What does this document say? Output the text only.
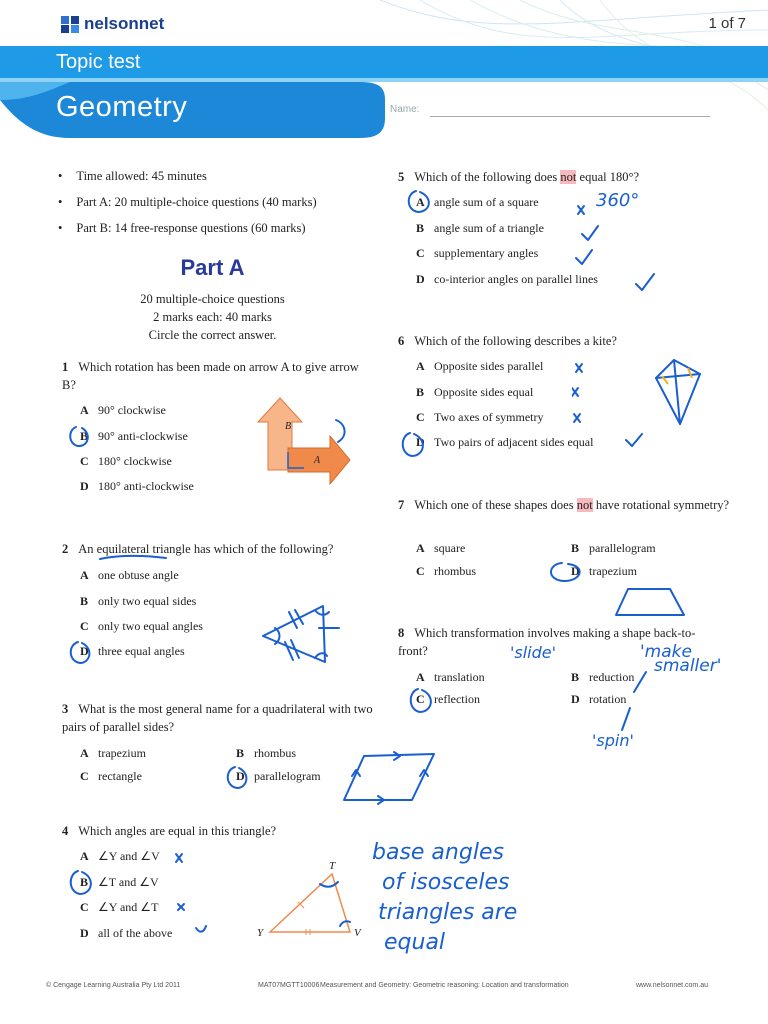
nelsonnet	1 of 7
Topic test
Geometry	Name:
• Time allowed: 45 minutes
• Part A: 20 multiple-choice questions (40 marks)
• Part B: 14 free-response questions (60 marks)
Part A
20 multiple-choice questions
2 marks each: 40 marks
Circle the correct answer.
1 Which rotation has been made on arrow A to give arrow B?
A 90° clockwise
B 90° anti-clockwise
C 180° clockwise
D 180° anti-clockwise
B
A
2 An equilateral triangle has which of the following?
A one obtuse angle
B only two equal sides
C only two equal angles
D three equal angles
3 What is the most general name for a quadrilateral with two pairs of parallel sides?
A trapezium	B rhombus
C rectangle	D parallelogram
4 Which angles are equal in this triangle?
A ∠Y and ∠V
B ∠T and ∠V
C ∠Y and ∠T
D all of the above
T
Y	V
5 Which of the following does not equal 180°?
A angle sum of a square
B angle sum of a triangle
C supplementary angles
D co-interior angles on parallel lines
360°
6 Which of the following describes a kite?
A Opposite sides parallel
B Opposite sides equal
C Two axes of symmetry
D Two pairs of adjacent sides equal
7 Which one of these shapes does not have rotational symmetry?
A square	B parallelogram
C rhombus	D trapezium
8 Which transformation involves making a shape back-to-front?
A translation	B reduction
C reflection	D rotation
'slide'	'make
smaller'
'spin'
base angles
of isosceles
triangles are
equal
© Cengage Learning Australia Pty Ltd 2011	MAT07MGTT10006 Measurement and Geometry: Geometric reasoning: Location and transformation	www.nelsonnet.com.au
